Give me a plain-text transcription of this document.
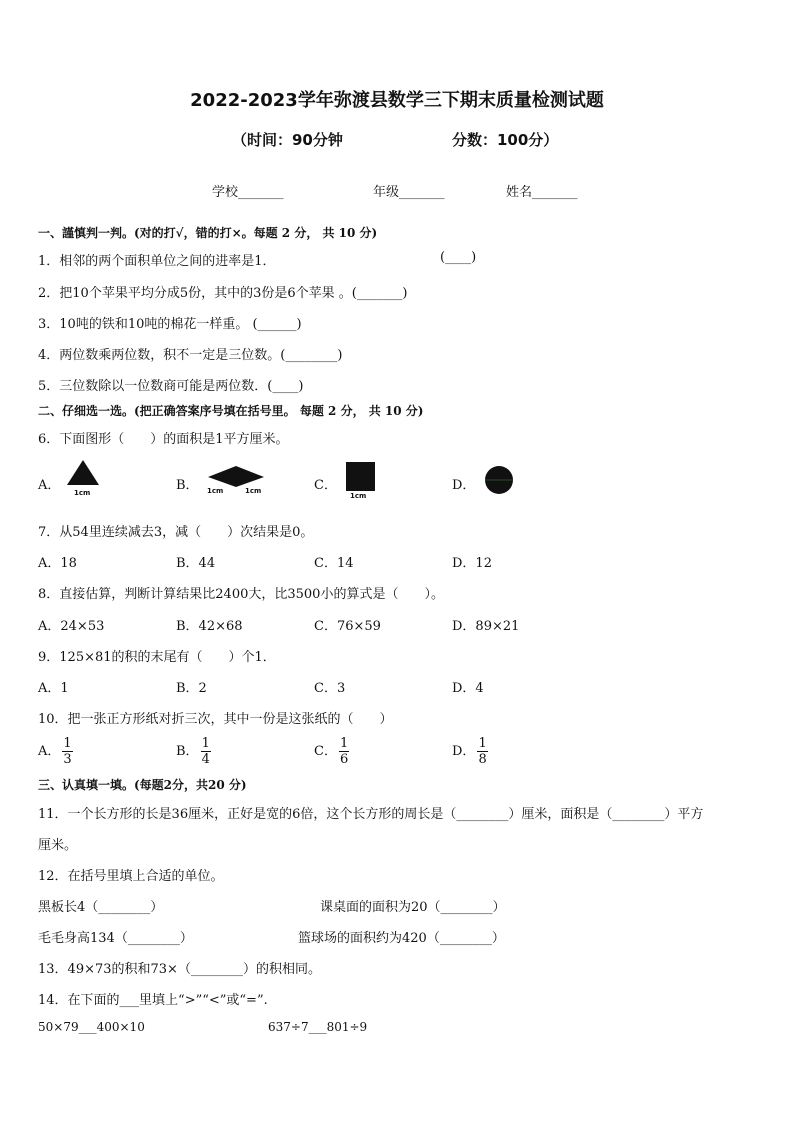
2022-2023学年弥渡县数学三下期末质量检测试题
（时间：90分钟	分数：100分）
学校_______	年级_______	姓名_______
一、謹慎判一判。(对的打√，错的打×。每题 2 分， 共 10 分)
1．相邻的两个面积单位之间的进率是1．	(____)
2．把10个苹果平均分成5份，其中的3份是6个苹果 。(_______)
3．10吨的铁和10吨的棉花一样重。 (______)
4．两位数乘两位数，积不一定是三位数。(________)
5．三位数除以一位数商可能是两位数．(____)
二、仔细选一选。(把正确答案序号填在括号里。 每题 2 分， 共 10 分)
6．下面图形（　　）的面积是1平方厘米。
A． 1cm	B． 1cm	1cm	C．
1cm
D．
7．从54里连续减去3，减（　　）次结果是0。
A．18	B．44	C．14	D．12
8．直接估算，判断计算结果比2400大，比3500小的算式是（　　）。
A．24×53	B．42×68	C．76×59	D．89×21
9．125×81的积的末尾有（　　）个1．
A．1	B．2	C．3	D．4
10．把一张正方形纸对折三次，其中一份是这张纸的（　　）
A． $\frac{1}{3}$	B． $\frac{1}{4}$	C． $\frac{1}{6}$	D． $\frac{1}{8}$
三、认真填一填。(每题2分，共20 分)
11．一个长方形的长是36厘米，正好是宽的6倍，这个长方形的周长是（________）厘米，面积是（________）平方
厘米。
12．在括号里填上合适的单位。
黑板长4（________）	课桌面的面积为20（________）
毛毛身高134（________）	篮球场的面积约为420（________）
13．49×73的积和73×（________）的积相同。
14．在下面的___里填上“>”“<”或“=”.
50×79___400×10	637÷7___801÷9
